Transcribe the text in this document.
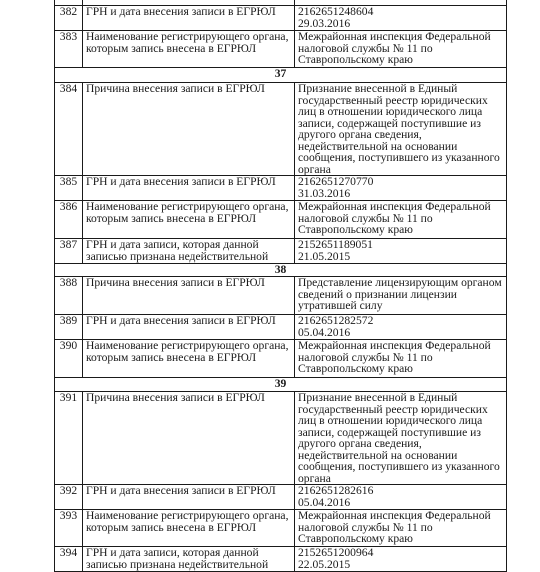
382	ГРН и дата внесения записи в ЕГРЮЛ	2162651248604
29.03.2016
383	Наименование регистрирующего органа, которым запись внесена в ЕГРЮЛ	Межрайонная инспекция Федеральной налоговой службы № 11 по Ставропольскому краю
37		
384	Причина внесения записи в ЕГРЮЛ	Признание внесенной в Единый государственный реестр юридических лиц в отношении юридического лица записи, содержащей поступившие из другого органа сведения, недействительной на основании сообщения, поступившего из указанного органа
385	ГРН и дата внесения записи в ЕГРЮЛ	2162651270770
31.03.2016
386	Наименование регистрирующего органа, которым запись внесена в ЕГРЮЛ	Межрайонная инспекция Федеральной налоговой службы № 11 по Ставропольскому краю
387	ГРН и дата записи, которая данной записью признана недействительной	2152651189051
21.05.2015
38		
388	Причина внесения записи в ЕГРЮЛ	Представление лицензирующим органом сведений о признании лицензии утратившей силу
389	ГРН и дата внесения записи в ЕГРЮЛ	2162651282572
05.04.2016
390	Наименование регистрирующего органа, которым запись внесена в ЕГРЮЛ	Межрайонная инспекция Федеральной налоговой службы № 11 по Ставропольскому краю
39		
391	Причина внесения записи в ЕГРЮЛ	Признание внесенной в Единый государственный реестр юридических лиц в отношении юридического лица записи, содержащей поступившие из другого органа сведения, недействительной на основании сообщения, поступившего из указанного органа
392	ГРН и дата внесения записи в ЕГРЮЛ	2162651282616
05.04.2016
393	Наименование регистрирующего органа, которым запись внесена в ЕГРЮЛ	Межрайонная инспекция Федеральной налоговой службы № 11 по Ставропольскому краю
394	ГРН и дата записи, которая данной записью признана недействительной	2152651200964
22.05.2015
